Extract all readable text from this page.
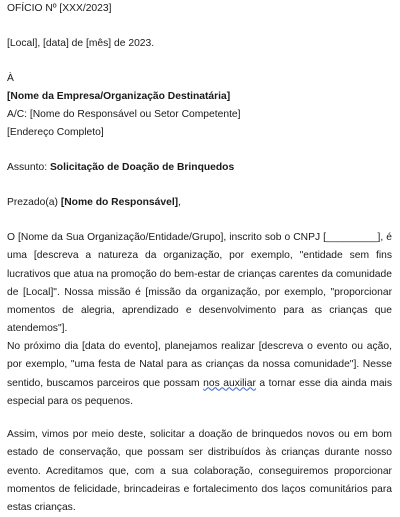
OFÍCIO Nº [XXX/2023]
[Local], [data] de [mês] de 2023.
À
[Nome da Empresa/Organização Destinatária]
A/C: [Nome do Responsável ou Setor Competente]
[Endereço Completo]
Assunto: Solicitação de Doação de Brinquedos
Prezado(a) [Nome do Responsável],
O [Nome da Sua Organização/Entidade/Grupo], inscrito sob o CNPJ [_________], é uma [descreva a natureza da organização, por exemplo, "entidade sem fins lucrativos que atua na promoção do bem-estar de crianças carentes da comunidade de [Local]". Nossa missão é [missão da organização, por exemplo, "proporcionar momentos de alegria, aprendizado e desenvolvimento para as crianças que atendemos"].
No próximo dia [data do evento], planejamos realizar [descreva o evento ou ação, por exemplo, "uma festa de Natal para as crianças da nossa comunidade"]. Nesse sentido, buscamos parceiros que possam nos auxiliar a tornar esse dia ainda mais especial para os pequenos.
Assim, vimos por meio deste, solicitar a doação de brinquedos novos ou em bom estado de conservação, que possam ser distribuídos às crianças durante nosso evento. Acreditamos que, com a sua colaboração, conseguiremos proporcionar momentos de felicidade, brincadeiras e fortalecimento dos laços comunitários para estas crianças.
